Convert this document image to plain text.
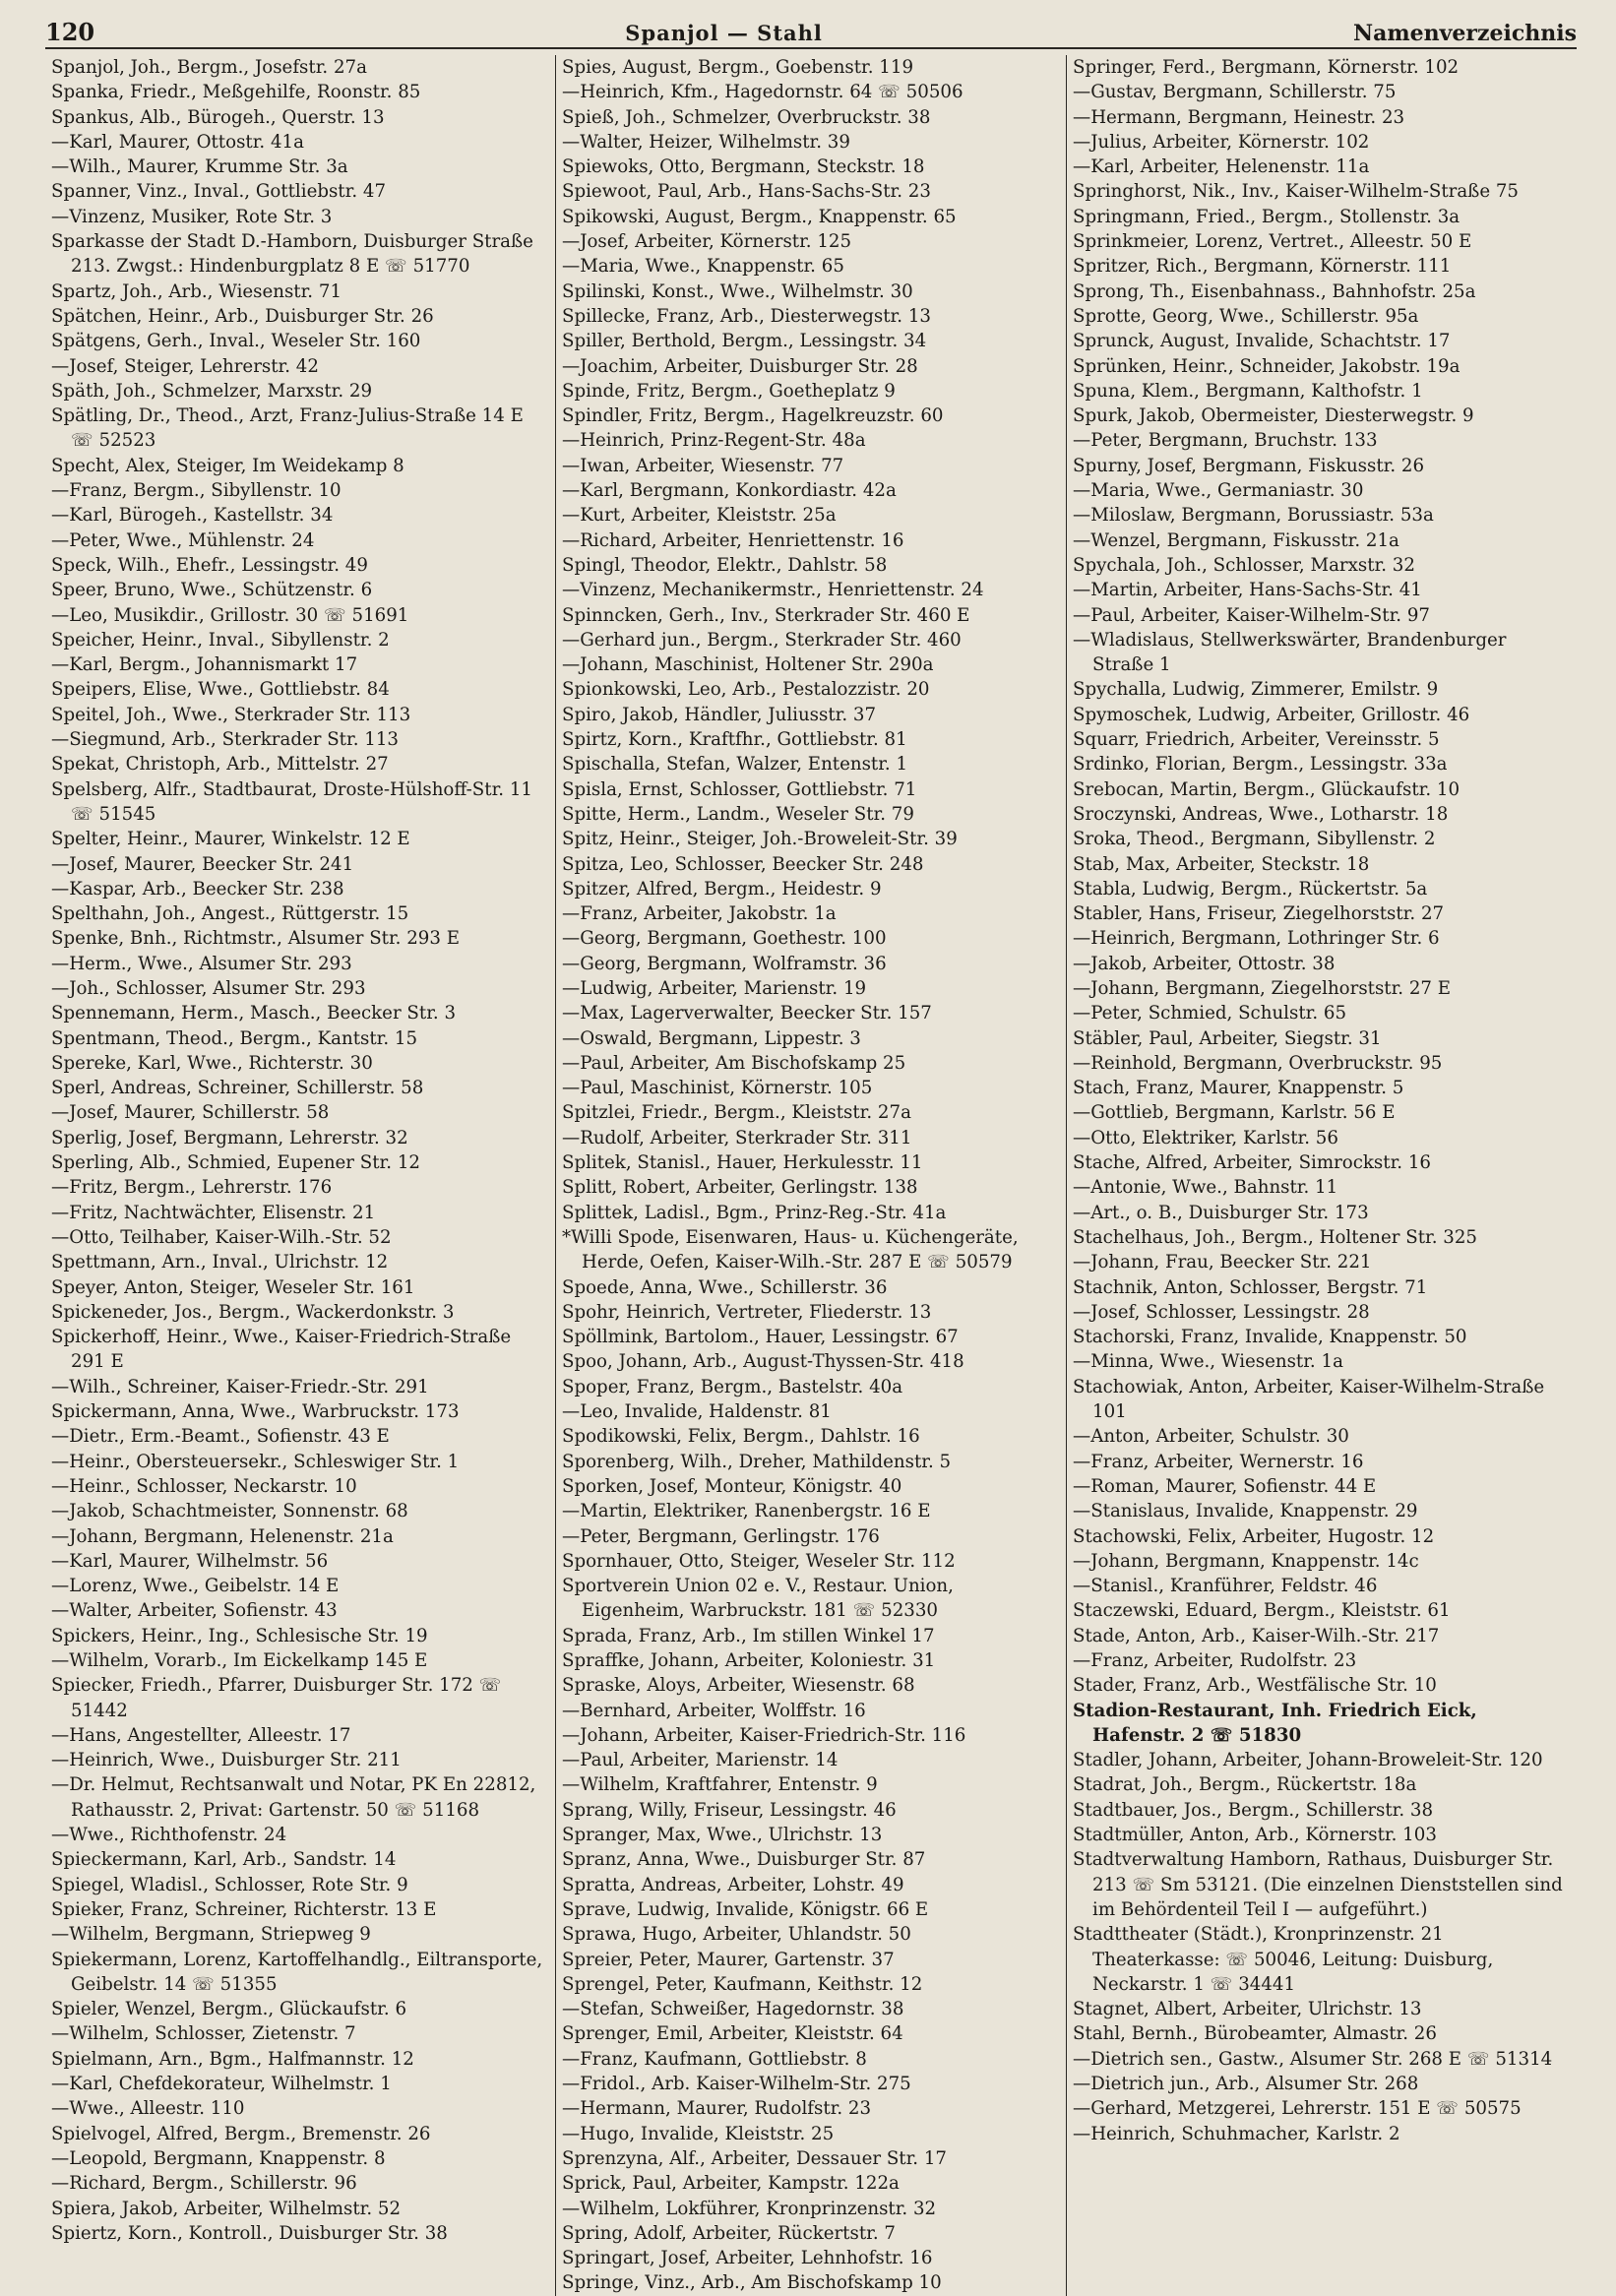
120	Spanjol — Stahl	Namenverzeichnis
Spanjol, Joh., Bergm., Josefstr. 27a
Spanka, Friedr., Meßgehilfe, Roonstr. 85
Spankus, Alb., Bürogeh., Querstr. 13
—Karl, Maurer, Ottostr. 41a
—Wilh., Maurer, Krumme Str. 3a
Spanner, Vinz., Inval., Gottliebstr. 47
—Vinzenz, Musiker, Rote Str. 3
Sparkasse der Stadt D.-Hamborn, Duisburger Straße 213. Zwgst.: Hindenburgplatz 8 E ☏ 51770
Spartz, Joh., Arb., Wiesenstr. 71
Spätchen, Heinr., Arb., Duisburger Str. 26
Spätgens, Gerh., Inval., Weseler Str. 160
—Josef, Steiger, Lehrerstr. 42
Späth, Joh., Schmelzer, Marxstr. 29
Spätling, Dr., Theod., Arzt, Franz-Julius-Straße 14 E ☏ 52523
Specht, Alex, Steiger, Im Weidekamp 8
—Franz, Bergm., Sibyllenstr. 10
—Karl, Bürogeh., Kastellstr. 34
—Peter, Wwe., Mühlenstr. 24
Speck, Wilh., Ehefr., Lessingstr. 49
Speer, Bruno, Wwe., Schützenstr. 6
—Leo, Musikdir., Grillostr. 30 ☏ 51691
Speicher, Heinr., Inval., Sibyllenstr. 2
—Karl, Bergm., Johannismarkt 17
Speipers, Elise, Wwe., Gottliebstr. 84
Speitel, Joh., Wwe., Sterkrader Str. 113
—Siegmund, Arb., Sterkrader Str. 113
Spekat, Christoph, Arb., Mittelstr. 27
Spelsberg, Alfr., Stadtbaurat, Droste-Hülshoff-Str. 11 ☏ 51545
Spelter, Heinr., Maurer, Winkelstr. 12 E
—Josef, Maurer, Beecker Str. 241
—Kaspar, Arb., Beecker Str. 238
Spelthahn, Joh., Angest., Rüttgerstr. 15
Spenke, Bnh., Richtmstr., Alsumer Str. 293 E
—Herm., Wwe., Alsumer Str. 293
—Joh., Schlosser, Alsumer Str. 293
Spennemann, Herm., Masch., Beecker Str. 3
Spentmann, Theod., Bergm., Kantstr. 15
Spereke, Karl, Wwe., Richterstr. 30
Sperl, Andreas, Schreiner, Schillerstr. 58
—Josef, Maurer, Schillerstr. 58
Sperlig, Josef, Bergmann, Lehrerstr. 32
Sperling, Alb., Schmied, Eupener Str. 12
—Fritz, Bergm., Lehrerstr. 176
—Fritz, Nachtwächter, Elisenstr. 21
—Otto, Teilhaber, Kaiser-Wilh.-Str. 52
Spettmann, Arn., Inval., Ulrichstr. 12
Speyer, Anton, Steiger, Weseler Str. 161
Spickeneder, Jos., Bergm., Wackerdonkstr. 3
Spickerhoff, Heinr., Wwe., Kaiser-Friedrich-Straße 291 E
—Wilh., Schreiner, Kaiser-Friedr.-Str. 291
Spickermann, Anna, Wwe., Warbruckstr. 173
—Dietr., Erm.-Beamt., Sofienstr. 43 E
—Heinr., Obersteuersekr., Schleswiger Str. 1
—Heinr., Schlosser, Neckarstr. 10
—Jakob, Schachtmeister, Sonnenstr. 68
—Johann, Bergmann, Helenenstr. 21a
—Karl, Maurer, Wilhelmstr. 56
—Lorenz, Wwe., Geibelstr. 14 E
—Walter, Arbeiter, Sofienstr. 43
Spickers, Heinr., Ing., Schlesische Str. 19
—Wilhelm, Vorarb., Im Eickelkamp 145 E
Spiecker, Friedh., Pfarrer, Duisburger Str. 172 ☏ 51442
—Hans, Angestellter, Alleestr. 17
—Heinrich, Wwe., Duisburger Str. 211
—Dr. Helmut, Rechtsanwalt und Notar, PK En 22812, Rathausstr. 2, Privat: Gartenstr. 50 ☏ 51168
—Wwe., Richthofenstr. 24
Spieckermann, Karl, Arb., Sandstr. 14
Spiegel, Wladisl., Schlosser, Rote Str. 9
Spieker, Franz, Schreiner, Richterstr. 13 E
—Wilhelm, Bergmann, Striepweg 9
Spiekermann, Lorenz, Kartoffelhandlg., Eiltransporte, Geibelstr. 14 ☏ 51355
Spieler, Wenzel, Bergm., Glückaufstr. 6
—Wilhelm, Schlosser, Zietenstr. 7
Spielmann, Arn., Bgm., Halfmannstr. 12
—Karl, Chefdekorateur, Wilhelmstr. 1
—Wwe., Alleestr. 110
Spielvogel, Alfred, Bergm., Bremenstr. 26
—Leopold, Bergmann, Knappenstr. 8
—Richard, Bergm., Schillerstr. 96
Spiera, Jakob, Arbeiter, Wilhelmstr. 52
Spiertz, Korn., Kontroll., Duisburger Str. 38
Spies, August, Bergm., Goebenstr. 119
—Heinrich, Kfm., Hagedornstr. 64 ☏ 50506
Spieß, Joh., Schmelzer, Overbruckstr. 38
—Walter, Heizer, Wilhelmstr. 39
Spiewoks, Otto, Bergmann, Steckstr. 18
Spiewoot, Paul, Arb., Hans-Sachs-Str. 23
Spikowski, August, Bergm., Knappenstr. 65
—Josef, Arbeiter, Körnerstr. 125
—Maria, Wwe., Knappenstr. 65
Spilinski, Konst., Wwe., Wilhelmstr. 30
Spillecke, Franz, Arb., Diesterwegstr. 13
Spiller, Berthold, Bergm., Lessingstr. 34
—Joachim, Arbeiter, Duisburger Str. 28
Spinde, Fritz, Bergm., Goetheplatz 9
Spindler, Fritz, Bergm., Hagelkreuzstr. 60
—Heinrich, Prinz-Regent-Str. 48a
—Iwan, Arbeiter, Wiesenstr. 77
—Karl, Bergmann, Konkordiastr. 42a
—Kurt, Arbeiter, Kleiststr. 25a
—Richard, Arbeiter, Henriettenstr. 16
Spingl, Theodor, Elektr., Dahlstr. 58
—Vinzenz, Mechanikermstr., Henriettenstr. 24
Spinncken, Gerh., Inv., Sterkrader Str. 460 E
—Gerhard jun., Bergm., Sterkrader Str. 460
—Johann, Maschinist, Holtener Str. 290a
Spionkowski, Leo, Arb., Pestalozzistr. 20
Spiro, Jakob, Händler, Juliusstr. 37
Spirtz, Korn., Kraftfhr., Gottliebstr. 81
Spischalla, Stefan, Walzer, Entenstr. 1
Spisla, Ernst, Schlosser, Gottliebstr. 71
Spitte, Herm., Landm., Weseler Str. 79
Spitz, Heinr., Steiger, Joh.-Broweleit-Str. 39
Spitza, Leo, Schlosser, Beecker Str. 248
Spitzer, Alfred, Bergm., Heidestr. 9
—Franz, Arbeiter, Jakobstr. 1a
—Georg, Bergmann, Goethestr. 100
—Georg, Bergmann, Wolframstr. 36
—Ludwig, Arbeiter, Marienstr. 19
—Max, Lagerverwalter, Beecker Str. 157
—Oswald, Bergmann, Lippestr. 3
—Paul, Arbeiter, Am Bischofskamp 25
—Paul, Maschinist, Körnerstr. 105
Spitzlei, Friedr., Bergm., Kleiststr. 27a
—Rudolf, Arbeiter, Sterkrader Str. 311
Splitek, Stanisl., Hauer, Herkulesstr. 11
Splitt, Robert, Arbeiter, Gerlingstr. 138
Splittek, Ladisl., Bgm., Prinz-Reg.-Str. 41a
*Willi Spode, Eisenwaren, Haus- u. Küchengeräte, Herde, Oefen, Kaiser-Wilh.-Str. 287 E ☏ 50579
Spoede, Anna, Wwe., Schillerstr. 36
Spohr, Heinrich, Vertreter, Fliederstr. 13
Spöllmink, Bartolom., Hauer, Lessingstr. 67
Spoo, Johann, Arb., August-Thyssen-Str. 418
Spoper, Franz, Bergm., Bastelstr. 40a
—Leo, Invalide, Haldenstr. 81
Spodikowski, Felix, Bergm., Dahlstr. 16
Sporenberg, Wilh., Dreher, Mathildenstr. 5
Sporken, Josef, Monteur, Königstr. 40
—Martin, Elektriker, Ranenbergstr. 16 E
—Peter, Bergmann, Gerlingstr. 176
Spornhauer, Otto, Steiger, Weseler Str. 112
Sportverein Union 02 e. V., Restaur. Union, Eigenheim, Warbruckstr. 181 ☏ 52330
Sprada, Franz, Arb., Im stillen Winkel 17
Spraffke, Johann, Arbeiter, Koloniestr. 31
Spraske, Aloys, Arbeiter, Wiesenstr. 68
—Bernhard, Arbeiter, Wolffstr. 16
—Johann, Arbeiter, Kaiser-Friedrich-Str. 116
—Paul, Arbeiter, Marienstr. 14
—Wilhelm, Kraftfahrer, Entenstr. 9
Sprang, Willy, Friseur, Lessingstr. 46
Spranger, Max, Wwe., Ulrichstr. 13
Spranz, Anna, Wwe., Duisburger Str. 87
Spratta, Andreas, Arbeiter, Lohstr. 49
Sprave, Ludwig, Invalide, Königstr. 66 E
Sprawa, Hugo, Arbeiter, Uhlandstr. 50
Spreier, Peter, Maurer, Gartenstr. 37
Sprengel, Peter, Kaufmann, Keithstr. 12
—Stefan, Schweißer, Hagedornstr. 38
Sprenger, Emil, Arbeiter, Kleiststr. 64
—Franz, Kaufmann, Gottliebstr. 8
—Fridol., Arb. Kaiser-Wilhelm-Str. 275
—Hermann, Maurer, Rudolfstr. 23
—Hugo, Invalide, Kleiststr. 25
Sprenzyna, Alf., Arbeiter, Dessauer Str. 17
Sprick, Paul, Arbeiter, Kampstr. 122a
—Wilhelm, Lokführer, Kronprinzenstr. 32
Spring, Adolf, Arbeiter, Rückertstr. 7
Springart, Josef, Arbeiter, Lehnhofstr. 16
Springe, Vinz., Arb., Am Bischofskamp 10
Springer, Ferd., Bergmann, Körnerstr. 102
—Gustav, Bergmann, Schillerstr. 75
—Hermann, Bergmann, Heinestr. 23
—Julius, Arbeiter, Körnerstr. 102
—Karl, Arbeiter, Helenenstr. 11a
Springhorst, Nik., Inv., Kaiser-Wilhelm-Straße 75
Springmann, Fried., Bergm., Stollenstr. 3a
Sprinkmeier, Lorenz, Vertret., Alleestr. 50 E
Spritzer, Rich., Bergmann, Körnerstr. 111
Sprong, Th., Eisenbahnass., Bahnhofstr. 25a
Sprotte, Georg, Wwe., Schillerstr. 95a
Sprunck, August, Invalide, Schachtstr. 17
Sprünken, Heinr., Schneider, Jakobstr. 19a
Spuna, Klem., Bergmann, Kalthofstr. 1
Spurk, Jakob, Obermeister, Diesterwegstr. 9
—Peter, Bergmann, Bruchstr. 133
Spurny, Josef, Bergmann, Fiskusstr. 26
—Maria, Wwe., Germaniastr. 30
—Miloslaw, Bergmann, Borussiastr. 53a
—Wenzel, Bergmann, Fiskusstr. 21a
Spychala, Joh., Schlosser, Marxstr. 32
—Martin, Arbeiter, Hans-Sachs-Str. 41
—Paul, Arbeiter, Kaiser-Wilhelm-Str. 97
—Wladislaus, Stellwerkswärter, Brandenburger Straße 1
Spychalla, Ludwig, Zimmerer, Emilstr. 9
Spymoschek, Ludwig, Arbeiter, Grillostr. 46
Squarr, Friedrich, Arbeiter, Vereinsstr. 5
Srdinko, Florian, Bergm., Lessingstr. 33a
Srebocan, Martin, Bergm., Glückaufstr. 10
Sroczynski, Andreas, Wwe., Lotharstr. 18
Sroka, Theod., Bergmann, Sibyllenstr. 2
Stab, Max, Arbeiter, Steckstr. 18
Stabla, Ludwig, Bergm., Rückertstr. 5a
Stabler, Hans, Friseur, Ziegelhorststr. 27
—Heinrich, Bergmann, Lothringer Str. 6
—Jakob, Arbeiter, Ottostr. 38
—Johann, Bergmann, Ziegelhorststr. 27 E
—Peter, Schmied, Schulstr. 65
Stäbler, Paul, Arbeiter, Siegstr. 31
—Reinhold, Bergmann, Overbruckstr. 95
Stach, Franz, Maurer, Knappenstr. 5
—Gottlieb, Bergmann, Karlstr. 56 E
—Otto, Elektriker, Karlstr. 56
Stache, Alfred, Arbeiter, Simrockstr. 16
—Antonie, Wwe., Bahnstr. 11
—Art., o. B., Duisburger Str. 173
Stachelhaus, Joh., Bergm., Holtener Str. 325
—Johann, Frau, Beecker Str. 221
Stachnik, Anton, Schlosser, Bergstr. 71
—Josef, Schlosser, Lessingstr. 28
Stachorski, Franz, Invalide, Knappenstr. 50
—Minna, Wwe., Wiesenstr. 1a
Stachowiak, Anton, Arbeiter, Kaiser-Wilhelm-Straße 101
—Anton, Arbeiter, Schulstr. 30
—Franz, Arbeiter, Wernerstr. 16
—Roman, Maurer, Sofienstr. 44 E
—Stanislaus, Invalide, Knappenstr. 29
Stachowski, Felix, Arbeiter, Hugostr. 12
—Johann, Bergmann, Knappenstr. 14c
—Stanisl., Kranführer, Feldstr. 46
Staczewski, Eduard, Bergm., Kleiststr. 61
Stade, Anton, Arb., Kaiser-Wilh.-Str. 217
—Franz, Arbeiter, Rudolfstr. 23
Stader, Franz, Arb., Westfälische Str. 10
Stadion-Restaurant, Inh. Friedrich Eick, Hafenstr. 2 ☏ 51830
Stadler, Johann, Arbeiter, Johann-Broweleit-Str. 120
Stadrat, Joh., Bergm., Rückertstr. 18a
Stadtbauer, Jos., Bergm., Schillerstr. 38
Stadtmüller, Anton, Arb., Körnerstr. 103
Stadtverwaltung Hamborn, Rathaus, Duisburger Str. 213 ☏ Sm 53121. (Die einzelnen Dienststellen sind im Behördenteil Teil I — aufgeführt.)
Stadttheater (Städt.), Kronprinzenstr. 21 Theaterkasse: ☏ 50046, Leitung: Duisburg, Neckarstr. 1 ☏ 34441
Stagnet, Albert, Arbeiter, Ulrichstr. 13
Stahl, Bernh., Bürobeamter, Almastr. 26
—Dietrich sen., Gastw., Alsumer Str. 268 E ☏ 51314
—Dietrich jun., Arb., Alsumer Str. 268
—Gerhard, Metzgerei, Lehrerstr. 151 E ☏ 50575
—Heinrich, Schuhmacher, Karlstr. 2
